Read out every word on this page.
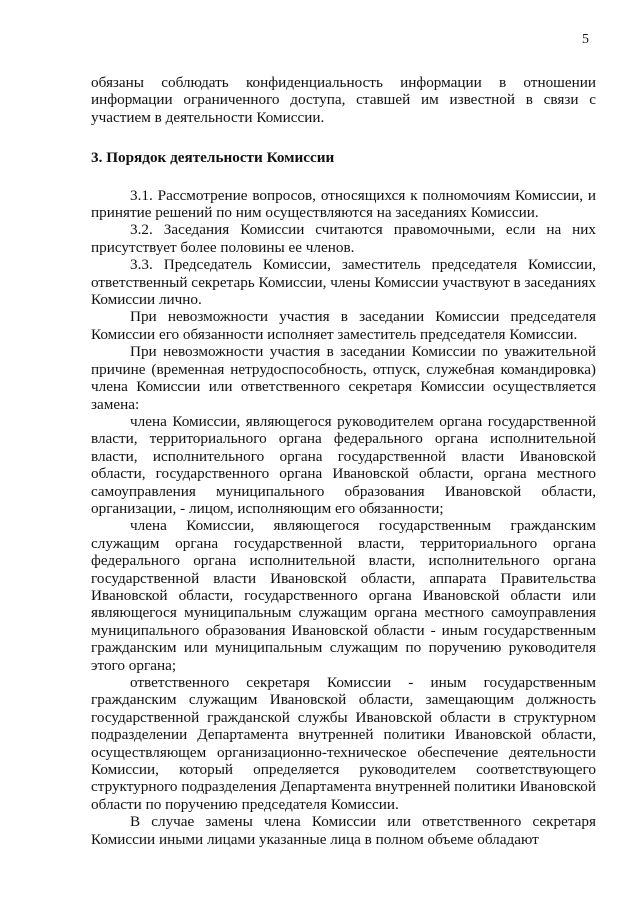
5

обязаны соблюдать конфиденциальность информации в отношении информации ограниченного доступа, ставшей им известной в связи с участием в деятельности Комиссии.

3. Порядок деятельности Комиссии

3.1. Рассмотрение вопросов, относящихся к полномочиям Комиссии, и принятие решений по ним осуществляются на заседаниях Комиссии.

3.2. Заседания Комиссии считаются правомочными, если на них присутствует более половины ее членов.

3.3. Председатель Комиссии, заместитель председателя Комиссии, ответственный секретарь Комиссии, члены Комиссии участвуют в заседаниях Комиссии лично.

При невозможности участия в заседании Комиссии председателя Комиссии его обязанности исполняет заместитель председателя Комиссии.

При невозможности участия в заседании Комиссии по уважительной причине (временная нетрудоспособность, отпуск, служебная командировка) члена Комиссии или ответственного секретаря Комиссии осуществляется замена:

члена Комиссии, являющегося руководителем органа государственной власти, территориального органа федерального органа исполнительной власти, исполнительного органа государственной власти Ивановской области, государственного органа Ивановской области, органа местного самоуправления муниципального образования Ивановской области, организации, - лицом, исполняющим его обязанности;

члена Комиссии, являющегося государственным гражданским служащим органа государственной власти, территориального органа федерального органа исполнительной власти, исполнительного органа государственной власти Ивановской области, аппарата Правительства Ивановской области, государственного органа Ивановской области или являющегося муниципальным служащим органа местного самоуправления муниципального образования Ивановской области - иным государственным гражданским или муниципальным служащим по поручению руководителя этого органа;

ответственного секретаря Комиссии - иным государственным гражданским служащим Ивановской области, замещающим должность государственной гражданской службы Ивановской области в структурном подразделении Департамента внутренней политики Ивановской области, осуществляющем организационно-техническое обеспечение деятельности Комиссии, который определяется руководителем соответствующего структурного подразделения Департамента внутренней политики Ивановской области по поручению председателя Комиссии.

В случае замены члена Комиссии или ответственного секретаря Комиссии иными лицами указанные лица в полном объеме обладают
